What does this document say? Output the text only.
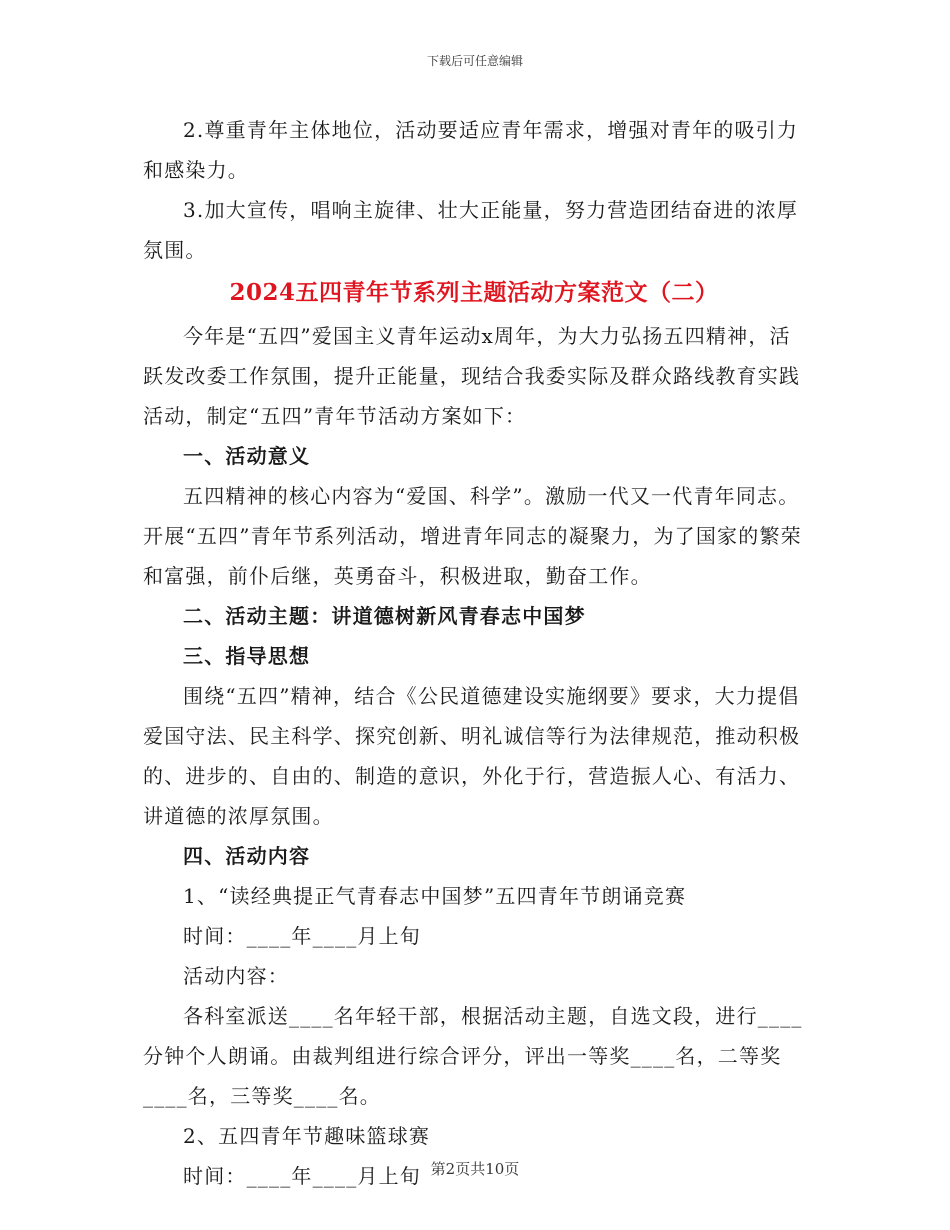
下载后可任意编辑

2.尊重青年主体地位，活动要适应青年需求，增强对青年的吸引力和感染力。

3.加大宣传，唱响主旋律、壮大正能量，努力营造团结奋进的浓厚氛围。

2024五四青年节系列主题活动方案范文（二）

今年是“五四”爱国主义青年运动x周年，为大力弘扬五四精神，活跃发改委工作氛围，提升正能量，现结合我委实际及群众路线教育实践活动，制定“五四”青年节活动方案如下：

一、活动意义

五四精神的核心内容为“爱国、科学”。激励一代又一代青年同志。开展“五四”青年节系列活动，增进青年同志的凝聚力，为了国家的繁荣和富强，前仆后继，英勇奋斗，积极进取，勤奋工作。

二、活动主题：讲道德树新风青春志中国梦

三、指导思想

围绕“五四”精神，结合《公民道德建设实施纲要》要求，大力提倡爱国守法、民主科学、探究创新、明礼诚信等行为法律规范，推动积极的、进步的、自由的、制造的意识，外化于行，营造振人心、有活力、讲道德的浓厚氛围。

四、活动内容

1、“读经典提正气青春志中国梦”五四青年节朗诵竞赛

时间：____年____月上旬

活动内容：

各科室派送____名年轻干部，根据活动主题，自选文段，进行____分钟个人朗诵。由裁判组进行综合评分，评出一等奖____名，二等奖____名，三等奖____名。

2、五四青年节趣味篮球赛

时间：____年____月上旬 第2页共10页
